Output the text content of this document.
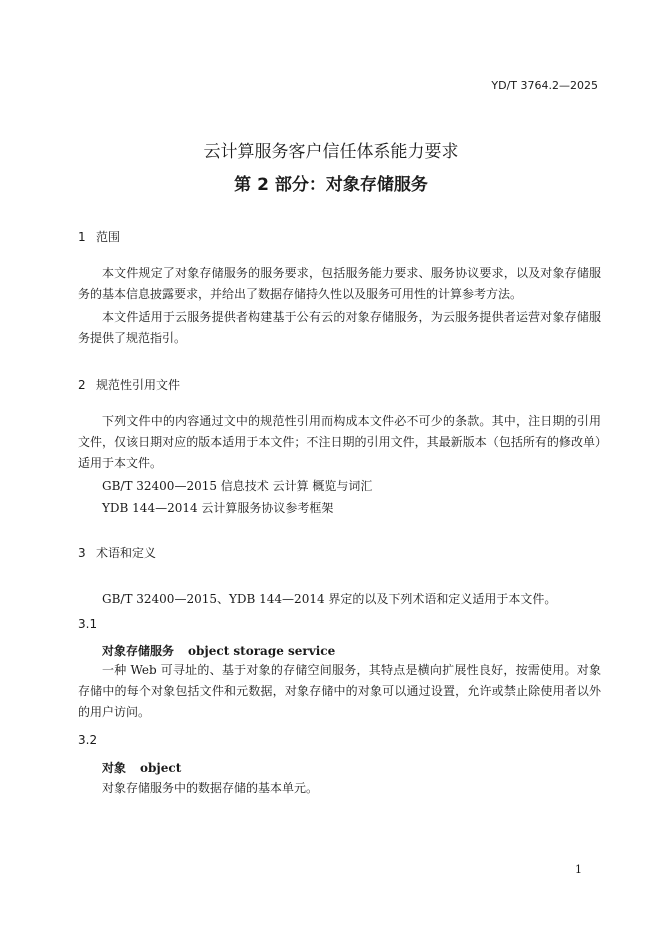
YD/T 3764.2—2025
云计算服务客户信任体系能力要求
第 2 部分：对象存储服务
1 范围

本文件规定了对象存储服务的服务要求，包括服务能力要求、服务协议要求，以及对象存储服务的基本信息披露要求，并给出了数据存储持久性以及服务可用性的计算参考方法。

本文件适用于云服务提供者构建基于公有云的对象存储服务，为云服务提供者运营对象存储服务提供了规范指引。

2 规范性引用文件

下列文件中的内容通过文中的规范性引用而构成本文件必不可少的条款。其中，注日期的引用文件，仅该日期对应的版本适用于本文件；不注日期的引用文件，其最新版本（包括所有的修改单）适用于本文件。

GB/T 32400—2015 信息技术 云计算 概览与词汇
YDB 144—2014 云计算服务协议参考框架
3 术语和定义
GB/T 32400—2015、YDB 144—2014 界定的以及下列术语和定义适用于本文件。
3.1
对象存储服务 object storage service

一种 Web 可寻址的、基于对象的存储空间服务，其特点是横向扩展性良好，按需使用。对象存储中的每个对象包括文件和元数据，对象存储中的对象可以通过设置，允许或禁止除使用者以外的用户访问。

3.2
对象 object
对象存储服务中的数据存储的基本单元。
1
